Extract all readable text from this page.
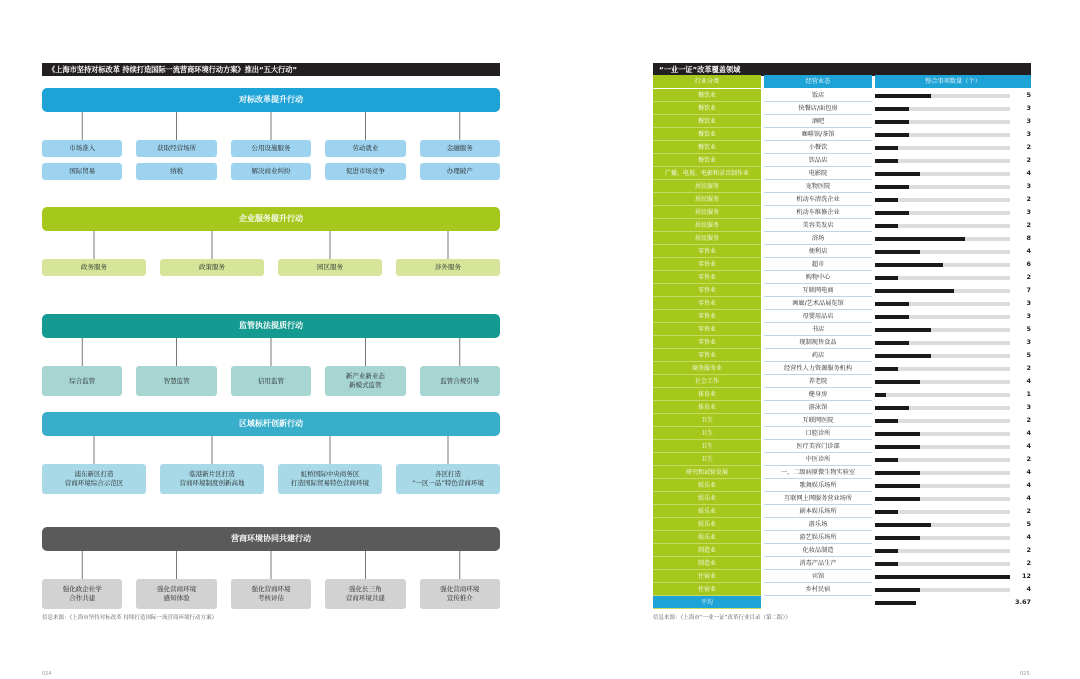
《上海市坚持对标改革 持续打造国际一流营商环境行动方案》推出“五大行动”
对标改革提升行动
市场准入	获取经营场所	公用设施服务	劳动就业	金融服务
国际贸易	纳税	解决商业纠纷	促进市场竞争	办理破产
企业服务提升行动
政务服务	政策服务	园区服务	涉外服务
监管执法提质行动
综合监管	智慧监管	信用监管
新产业新业态
新模式监管	监管合规引导
区域标杆创新行动
浦东新区打造
营商环境综合示范区
临港新片区打造
营商环境制度创新高地
虹桥国际中央商务区
打造国际贸易特色营商环境
各区打造
“一区一品”特色营商环境
营商环境协同共建行动
强化政企社学
合作共建
强化营商环境
感知体验
强化营商环境
考核评估
强化长三角
营商环境共建
强化营商环境
宣传推介
信息来源：《上海市坚持对标改革 持续打造国际一流营商环境行动方案》
024
“一业一证”改革覆盖领域
信息来源：《上海市“一业一证”改革行业目录（第二版）》
025
行业分类	经营业态	整合事项数量（个）
餐饮业	饭店	5
餐饮业	快餐店/面包房	3
餐饮业	酒吧	3
餐饮业	咖啡馆/茶馆	3
餐饮业	小餐饮	2
餐饮业	饮品店	2
广播、电视、电影和录音制作业	电影院	4
居民服务	宠物医院	3
居民服务	机动车清洗企业	2
居民服务	机动车维修企业	3
居民服务	美容美发店	2
居民服务	浴场	8
零售业	便利店	4
零售业	超市	6
零售业	购物中心	2
零售业	互联网电商	7
零售业	画廊/艺术品展览馆	3
零售业	母婴用品店	3
零售业	书店	5
零售业	现制现售食品	3
零售业	药店	5
商务服务业	经营性人力资源服务机构	2
社会工作	养老院	4
体育业	健身房	1
体育业	游泳馆	3
卫生	互联网医院	2
卫生	口腔诊所	4
卫生	医疗美容门诊部	4
卫生	中医诊所	2
研究和试验发展	一、二级病原微生物实验室	4
娱乐业	歌舞娱乐场所	4
娱乐业	互联网上网服务营业场所	4
娱乐业	剧本娱乐场所	2
娱乐业	游乐场	5
娱乐业	游艺娱乐场所	4
制造业	化妆品制造	2
制造业	消毒产品生产	2
住宿业	宾馆	12
住宿业	乡村民宿	4
平均	3.67
